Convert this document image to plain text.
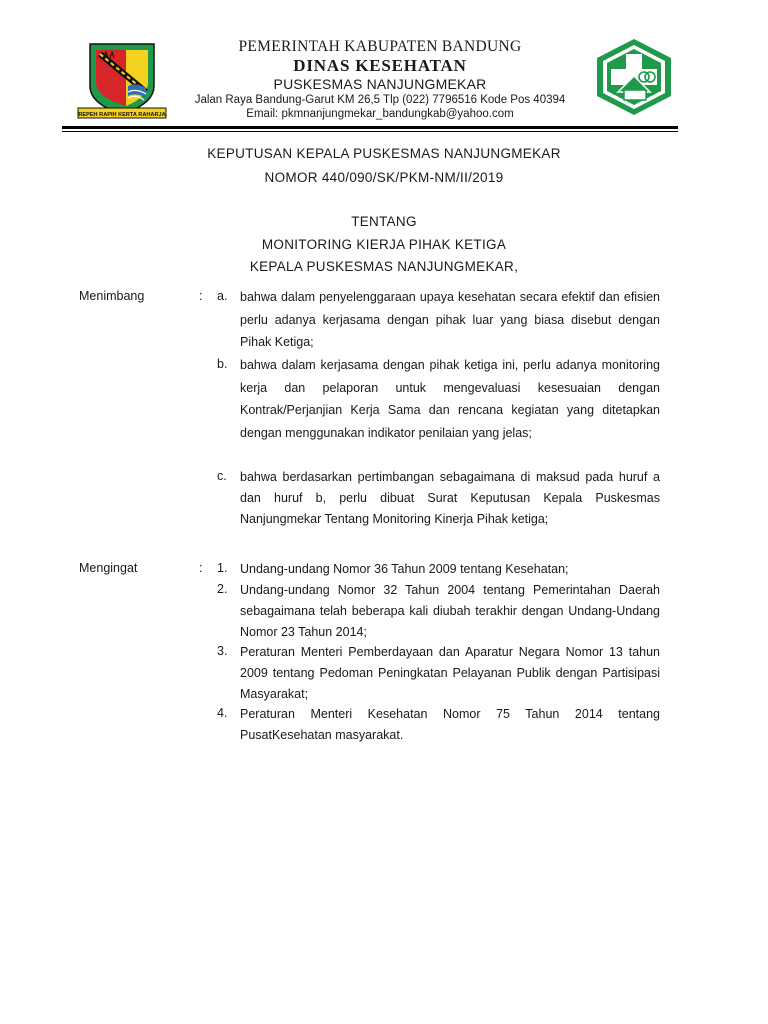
REPEH RAPIH KERTA RAHARJA
PEMERINTAH KABUPATEN BANDUNG
DINAS KESEHATAN
PUSKESMAS NANJUNGMEKAR
Jalan Raya Bandung-Garut KM 26,5 Tlp (022) 7796516 Kode Pos 40394
Email: pkmnanjungmekar_bandungkab@yahoo.com
KEPUTUSAN KEPALA PUSKESMAS NANJUNGMEKAR
NOMOR 440/090/SK/PKM-NM/II/2019
TENTANG
MONITORING KIERJA PIHAK KETIGA
KEPALA PUSKESMAS NANJUNGMEKAR,
Menimbang	: a. bahwa dalam penyelenggaraan upaya kesehatan secara efektif dan efisien perlu adanya kerjasama dengan pihak luar yang biasa disebut dengan Pihak Ketiga;
b. bahwa dalam kerjasama dengan pihak ketiga ini, perlu adanya monitoring kerja dan pelaporan untuk mengevaluasi kesesuaian dengan Kontrak/Perjanjian Kerja Sama dan rencana kegiatan yang ditetapkan dengan menggunakan indikator penilaian yang jelas;
c. bahwa berdasarkan pertimbangan sebagaimana di maksud pada huruf a dan huruf b, perlu dibuat Surat Keputusan Kepala Puskesmas Nanjungmekar Tentang Monitoring Kinerja Pihak ketiga;
Mengingat	: 1. Undang-undang Nomor 36 Tahun 2009 tentang Kesehatan;
2. Undang-undang Nomor 32 Tahun 2004 tentang Pemerintahan Daerah sebagaimana telah beberapa kali diubah terakhir dengan Undang-Undang Nomor 23 Tahun 2014;
3. Peraturan Menteri Pemberdayaan dan Aparatur Negara Nomor 13 tahun 2009 tentang Pedoman Peningkatan Pelayanan Publik dengan Partisipasi Masyarakat;
4. Peraturan Menteri Kesehatan Nomor 75 Tahun 2014 tentang PusatKesehatan masyarakat.
